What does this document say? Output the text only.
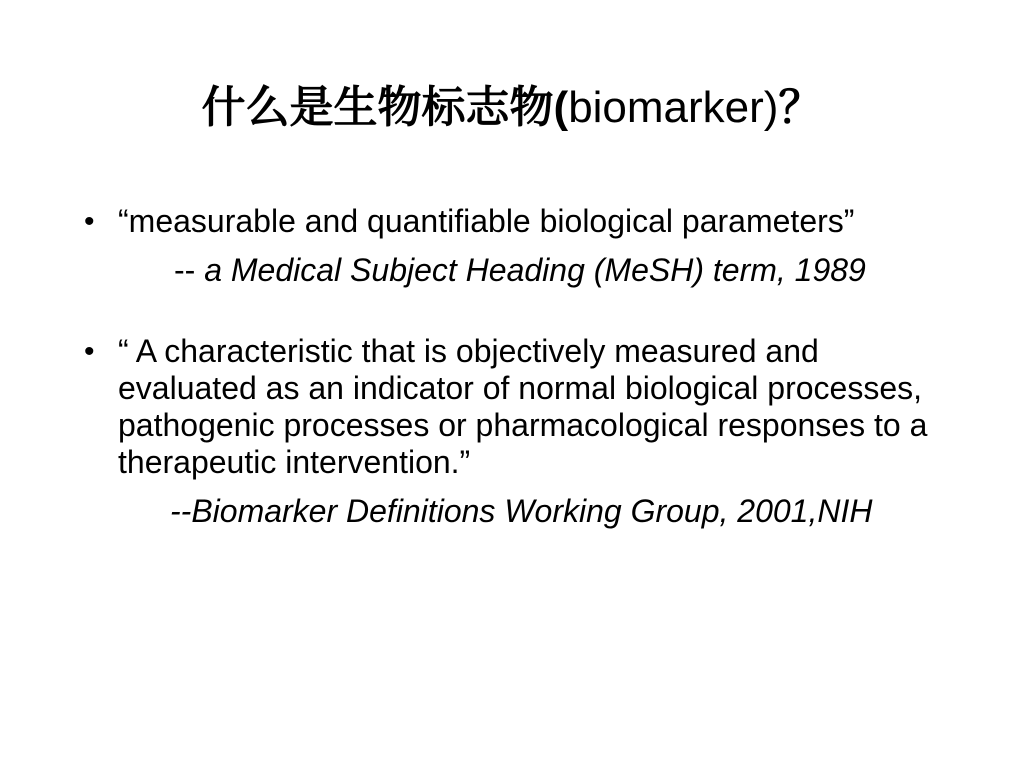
什么是生物标志物(biomarker)？
• “measurable and quantifiable biological parameters”

-- a Medical Subject Heading (MeSH) term, 1989
• “ A characteristic that is objectively measured and evaluated as an indicator of normal biological processes, pathogenic processes or pharmacological responses to a therapeutic intervention.”

--Biomarker Definitions Working Group, 2001,NIH
